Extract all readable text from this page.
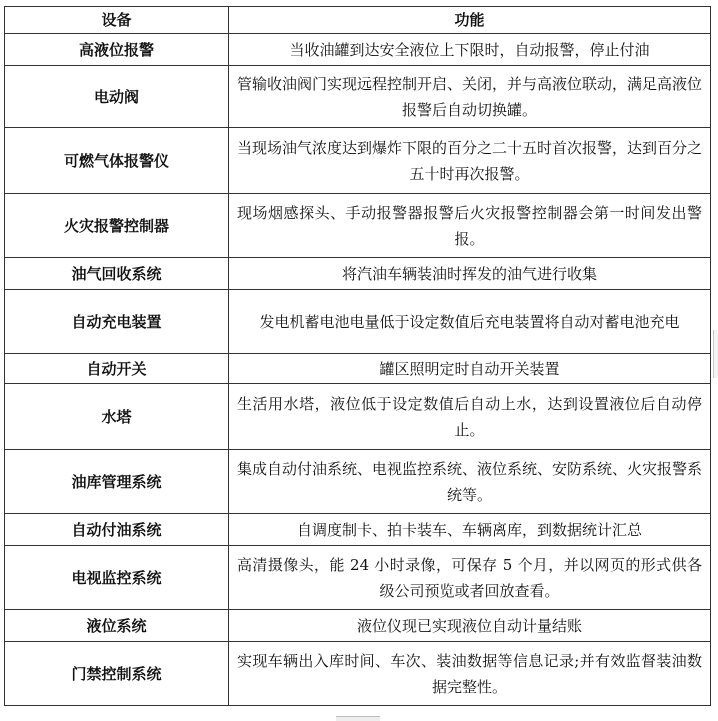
设备	功能
高液位报警	当收油罐到达安全液位上下限时，自动报警，停止付油
电动阀	管输收油阀门实现远程控制开启、关闭，并与高液位联动，满足高液位报警后自动切换罐。

可燃气体报警仪	当现场油气浓度达到爆炸下限的百分之二十五时首次报警，达到百分之五十时再次报警。

火灾报警控制器	现场烟感探头、手动报警器报警后火灾报警控制器会第一时间发出警报。

油气回收系统	将汽油车辆装油时挥发的油气进行收集
自动充电装置	发电机蓄电池电量低于设定数值后充电装置将自动对蓄电池充电

自动开关	罐区照明定时自动开关装置
水塔	生活用水塔，液位低于设定数值后自动上水，达到设置液位后自动停止。

油库管理系统	集成自动付油系统、电视监控系统、液位系统、安防系统、火灾报警系统等。

自动付油系统	自调度制卡、拍卡装车、车辆离库，到数据统计汇总
电视监控系统	高清摄像头，能 24 小时录像，可保存 5 个月，并以网页的形式供各级公司预览或者回放查看。

液位系统	液位仪现已实现液位自动计量结账
门禁控制系统	实现车辆出入库时间、车次、装油数据等信息记录;并有效监督装油数据完整性。
